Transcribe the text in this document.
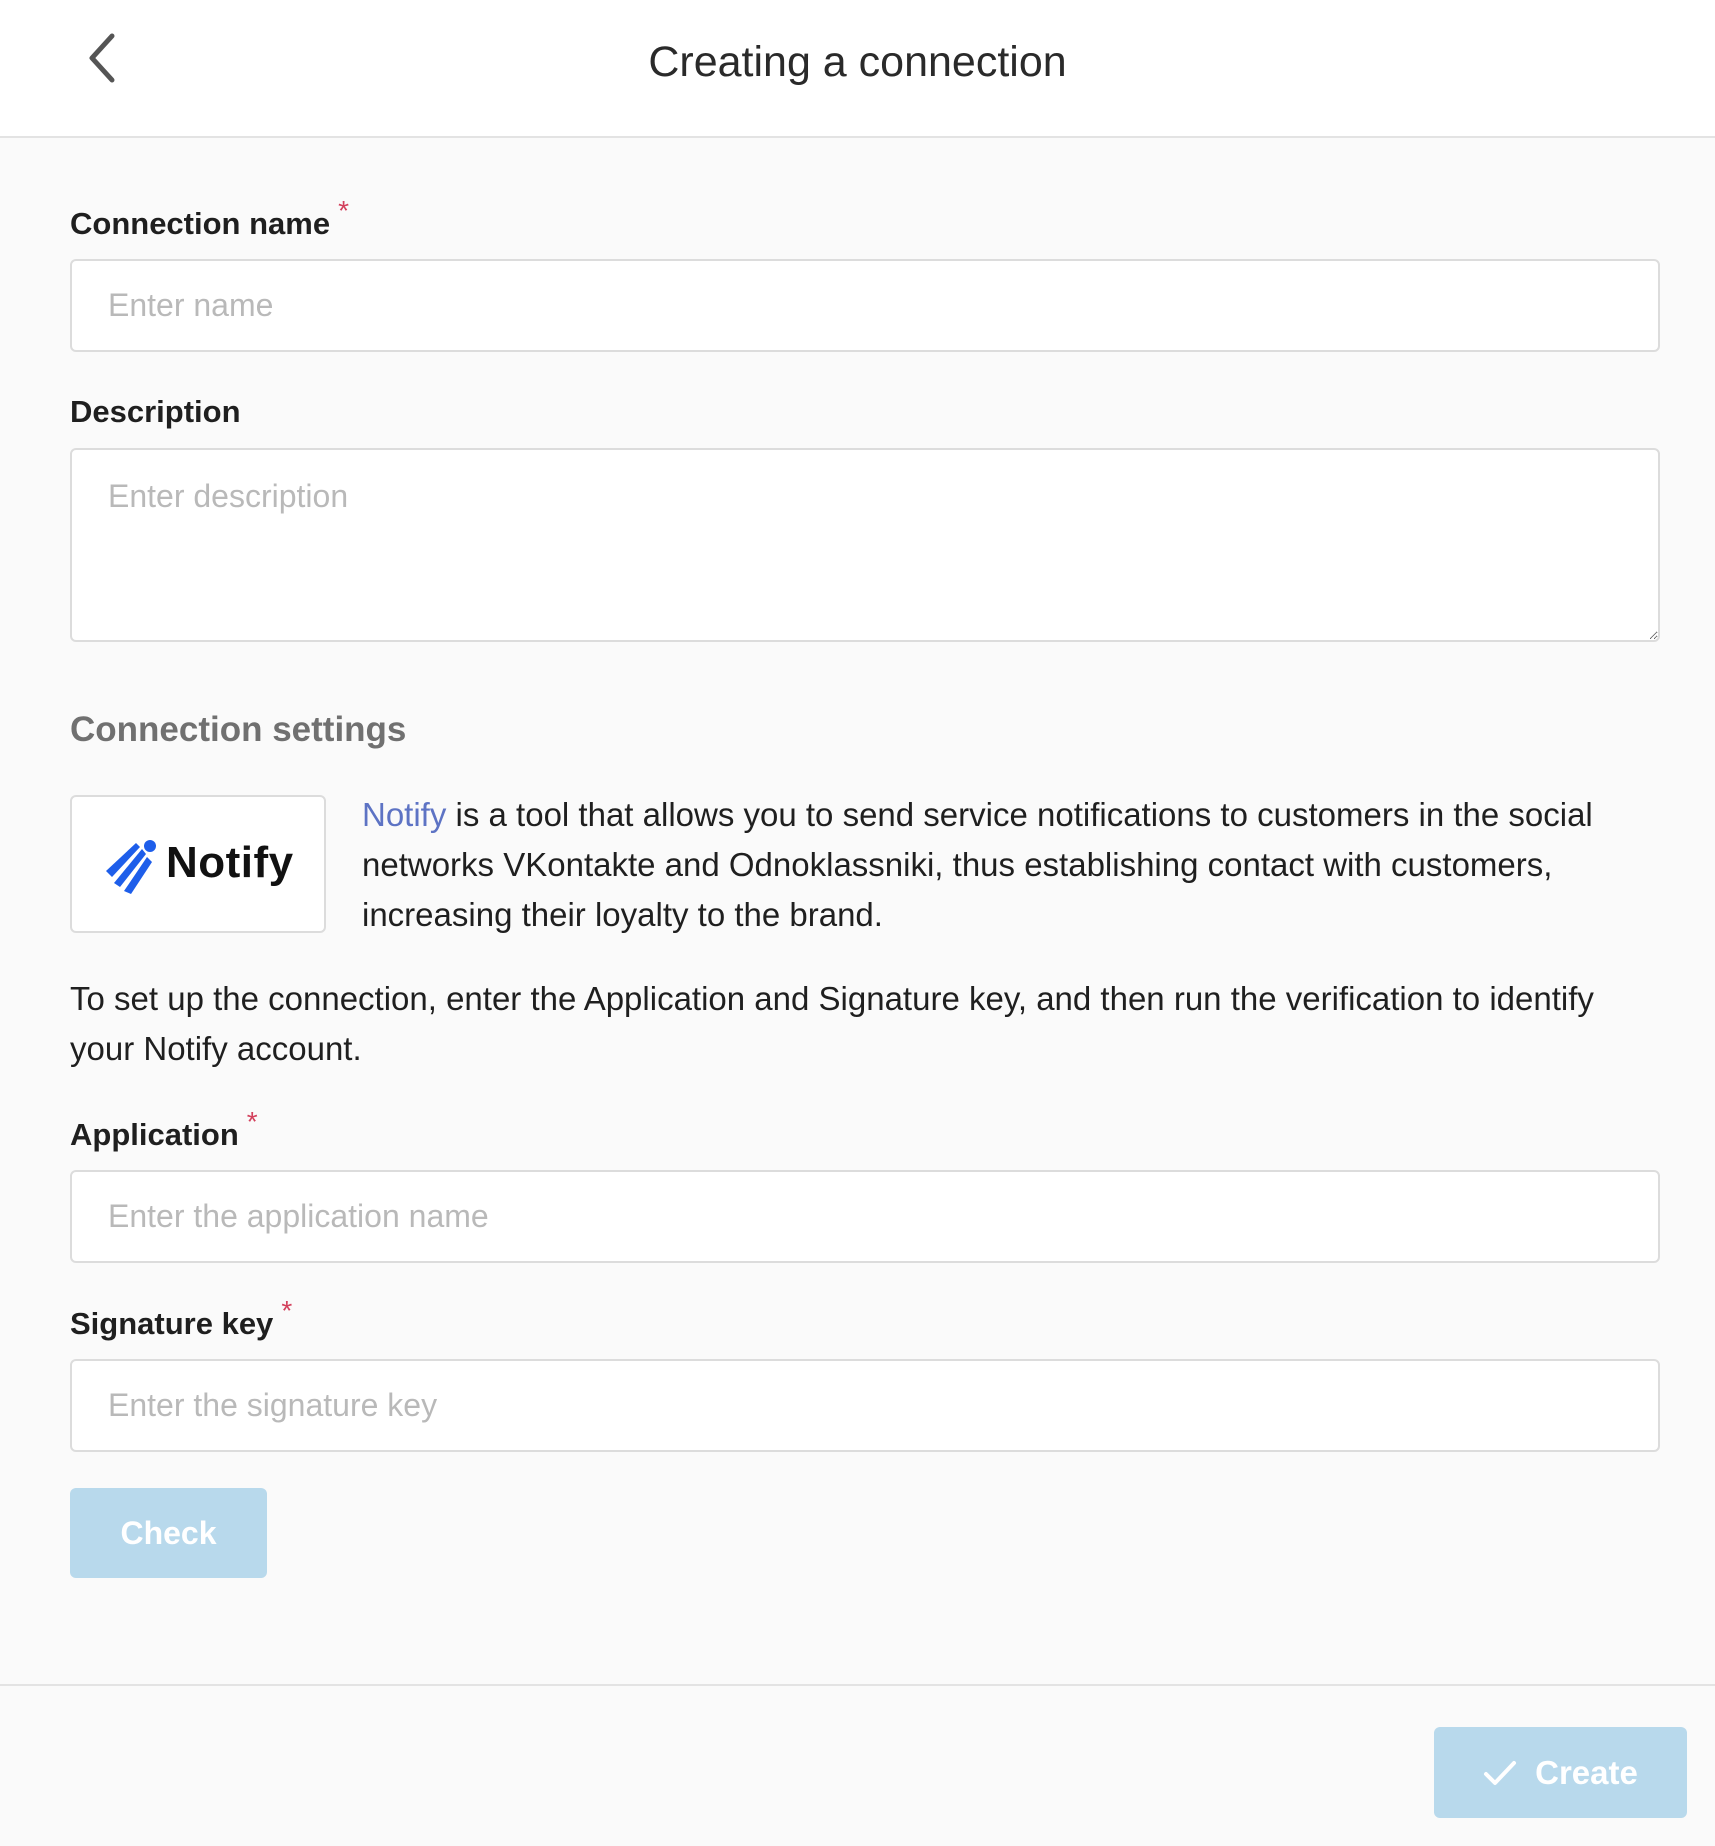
Creating a connection
Connection name *
Enter name
Description
Enter description
Connection settings
Notify
Notify is a tool that allows you to send service notifications to customers in the social networks VKontakte and Odnoklassniki, thus establishing contact with customers, increasing their loyalty to the brand.
To set up the connection, enter the Application and Signature key, and then run the verification to identify your Notify account.
Application *
Enter the application name
Signature key *
Enter the signature key
Check
Create
